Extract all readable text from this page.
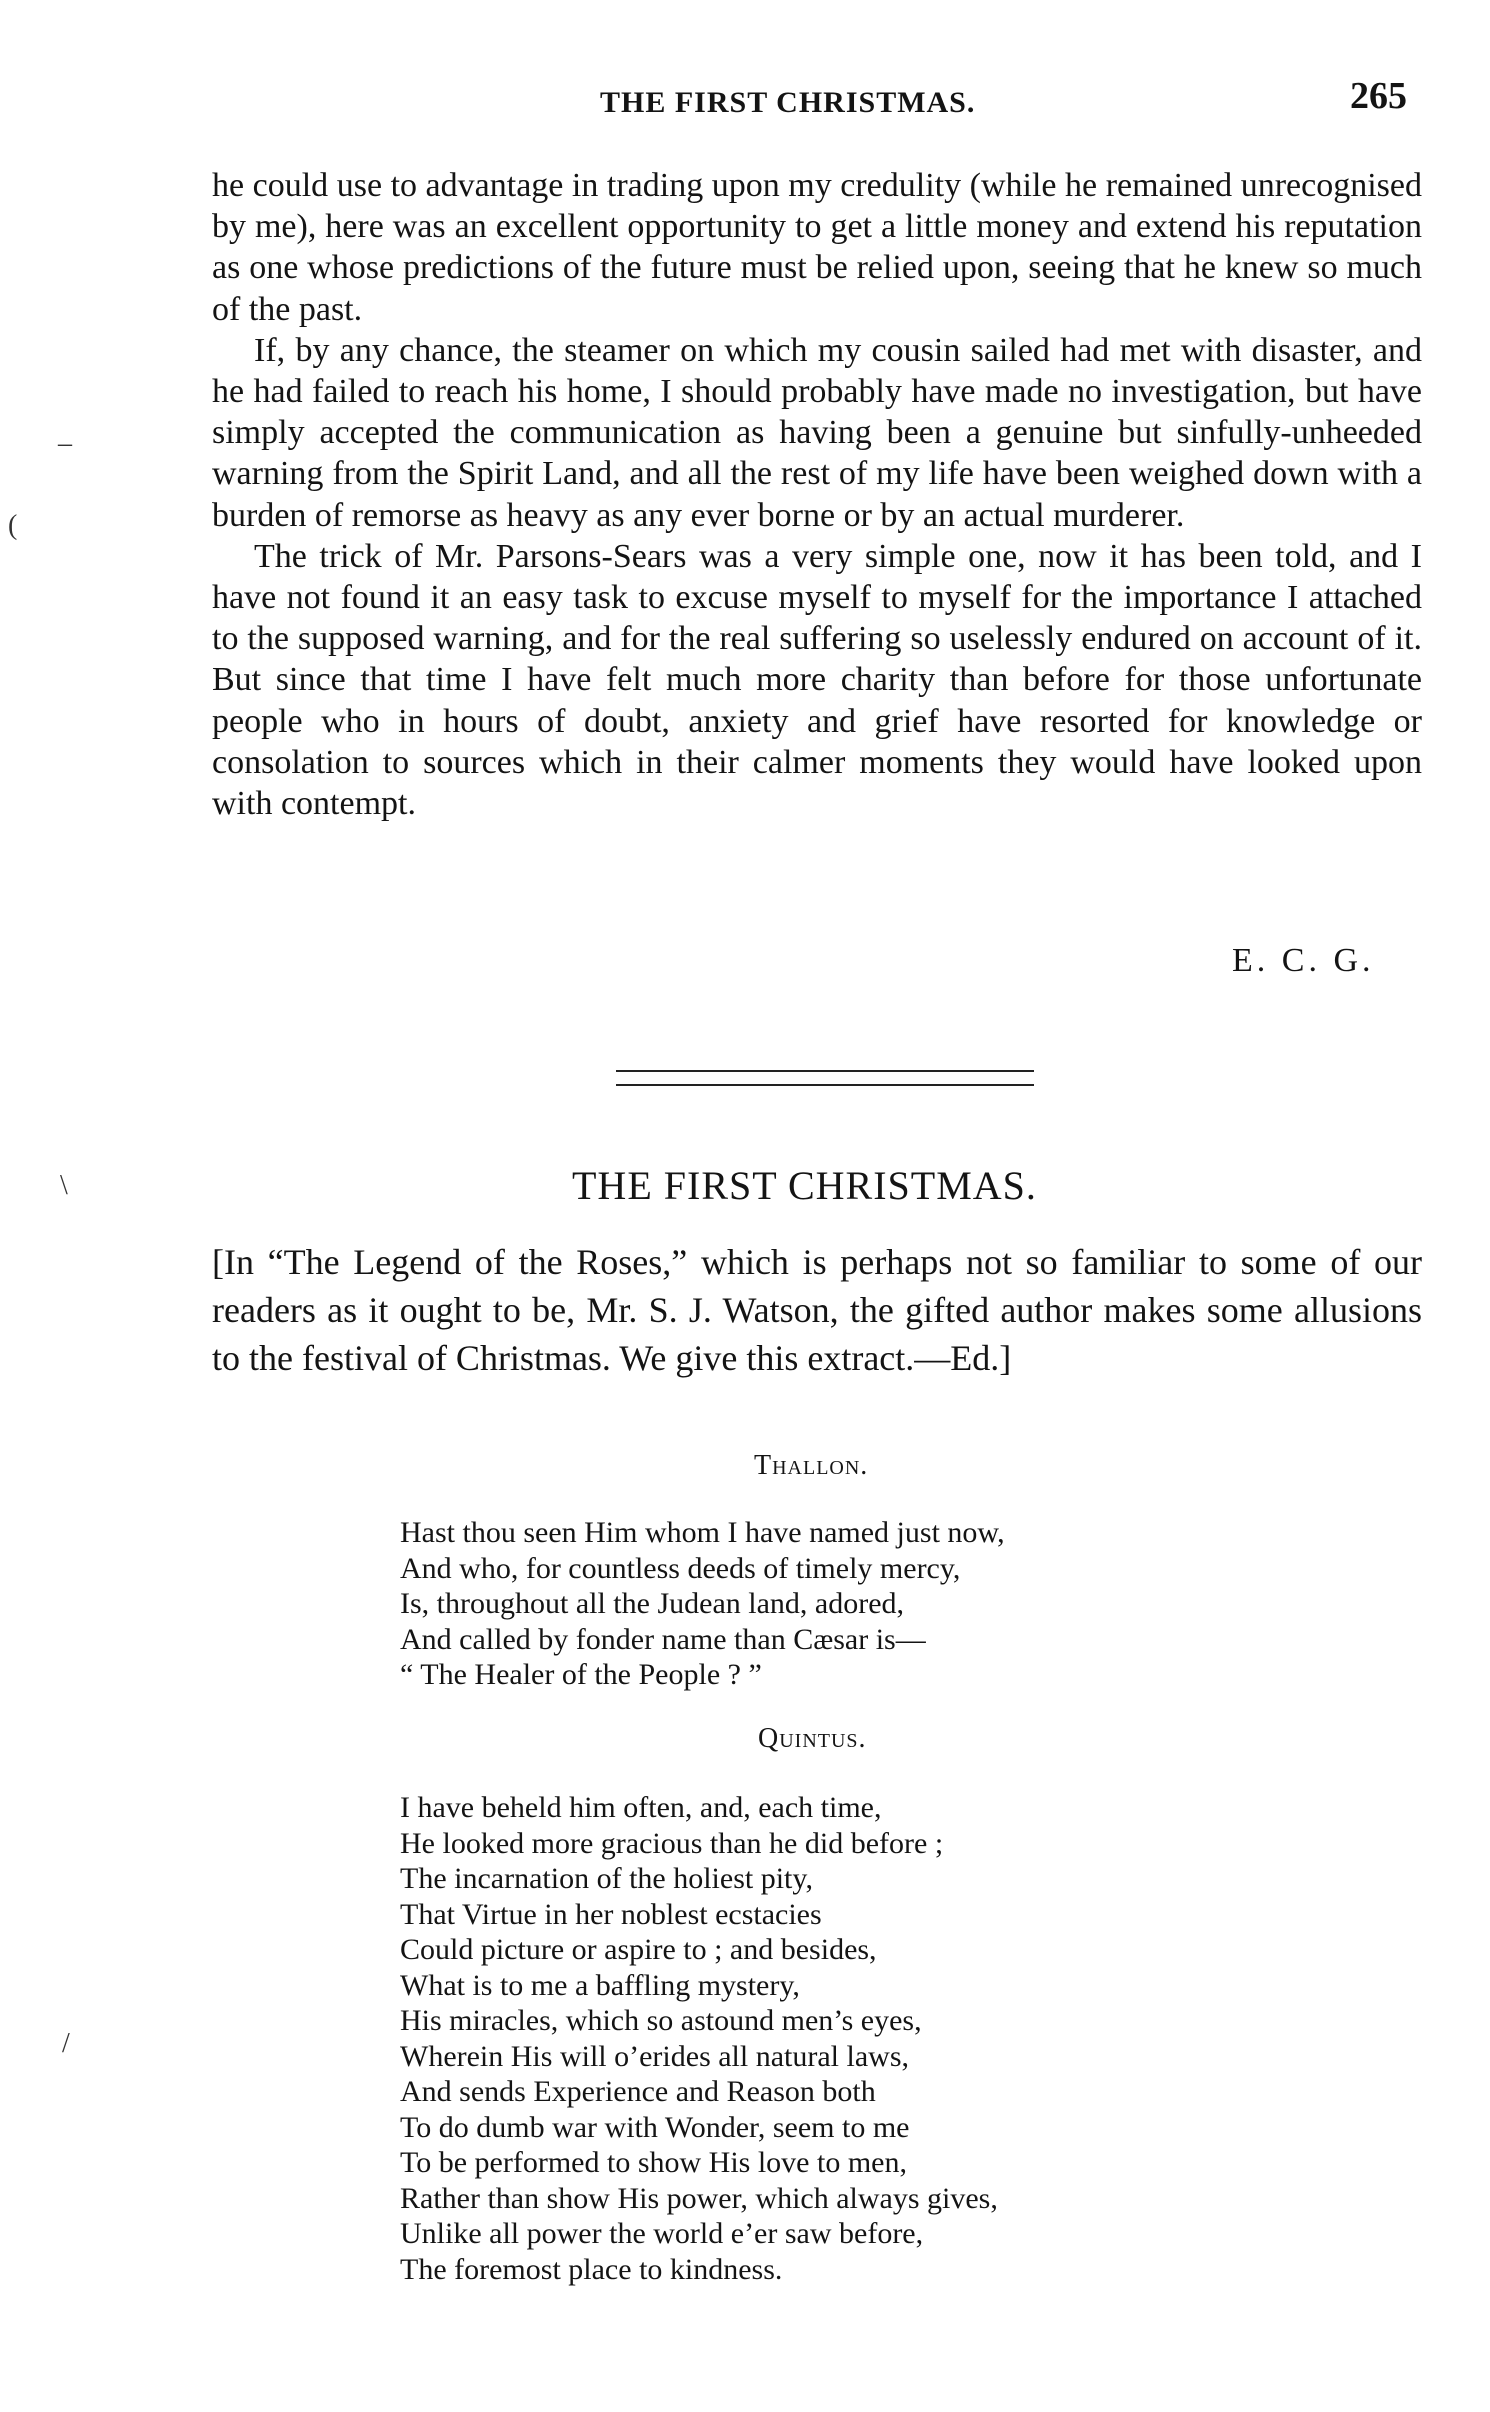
THE FIRST CHRISTMAS.	265

he could use to advantage in trading upon my credulity (while he remained unrecognised by me), here was an excellent opportunity to get a little money and extend his reputation as one whose predictions of the future must be relied upon, seeing that he knew so much of the past.

If, by any chance, the steamer on which my cousin sailed had met with disaster, and he had failed to reach his home, I should probably have made no investigation, but have simply accepted the communication as having been a genuine but sinfully-unheeded warning from the Spirit Land, and all the rest of my life have been weighed down with a burden of remorse as heavy as any ever borne or by an actual murderer.

The trick of Mr. Parsons-Sears was a very simple one, now it has been told, and I have not found it an easy task to excuse myself to myself for the importance I attached to the supposed warning, and for the real suffering so uselessly endured on account of it. But since that time I have felt much more charity than before for those unfortunate people who in hours of doubt, anxiety and grief have resorted for knowledge or consolation to sources which in their calmer moments they would have looked upon with contempt.

E. C. G.
THE FIRST CHRISTMAS.
[In “The Legend of the Roses,” which is perhaps not so familiar to some of our readers as it ought to be, Mr. S. J. Watson, the gifted author makes some allusions to the festival of Christmas. We give this extract.—Ed.]
Thallon.
Hast thou seen Him whom I have named just now,
And who, for countless deeds of timely mercy,
Is, throughout all the Judean land, adored,
And called by fonder name than Cæsar is—
“ The Healer of the People ? ”
Quintus.
I have beheld him often, and, each time,
He looked more gracious than he did before ;
The incarnation of the holiest pity,
That Virtue in her noblest ecstacies
Could picture or aspire to ; and besides,
What is to me a baffling mystery,
His miracles, which so astound men’s eyes,
Wherein His will o’erides all natural laws,
And sends Experience and Reason both
To do dumb war with Wonder, seem to me
To be performed to show His love to men,
Rather than show His power, which always gives,
Unlike all power the world e’er saw before,
The foremost place to kindness.
–
(
\
/
